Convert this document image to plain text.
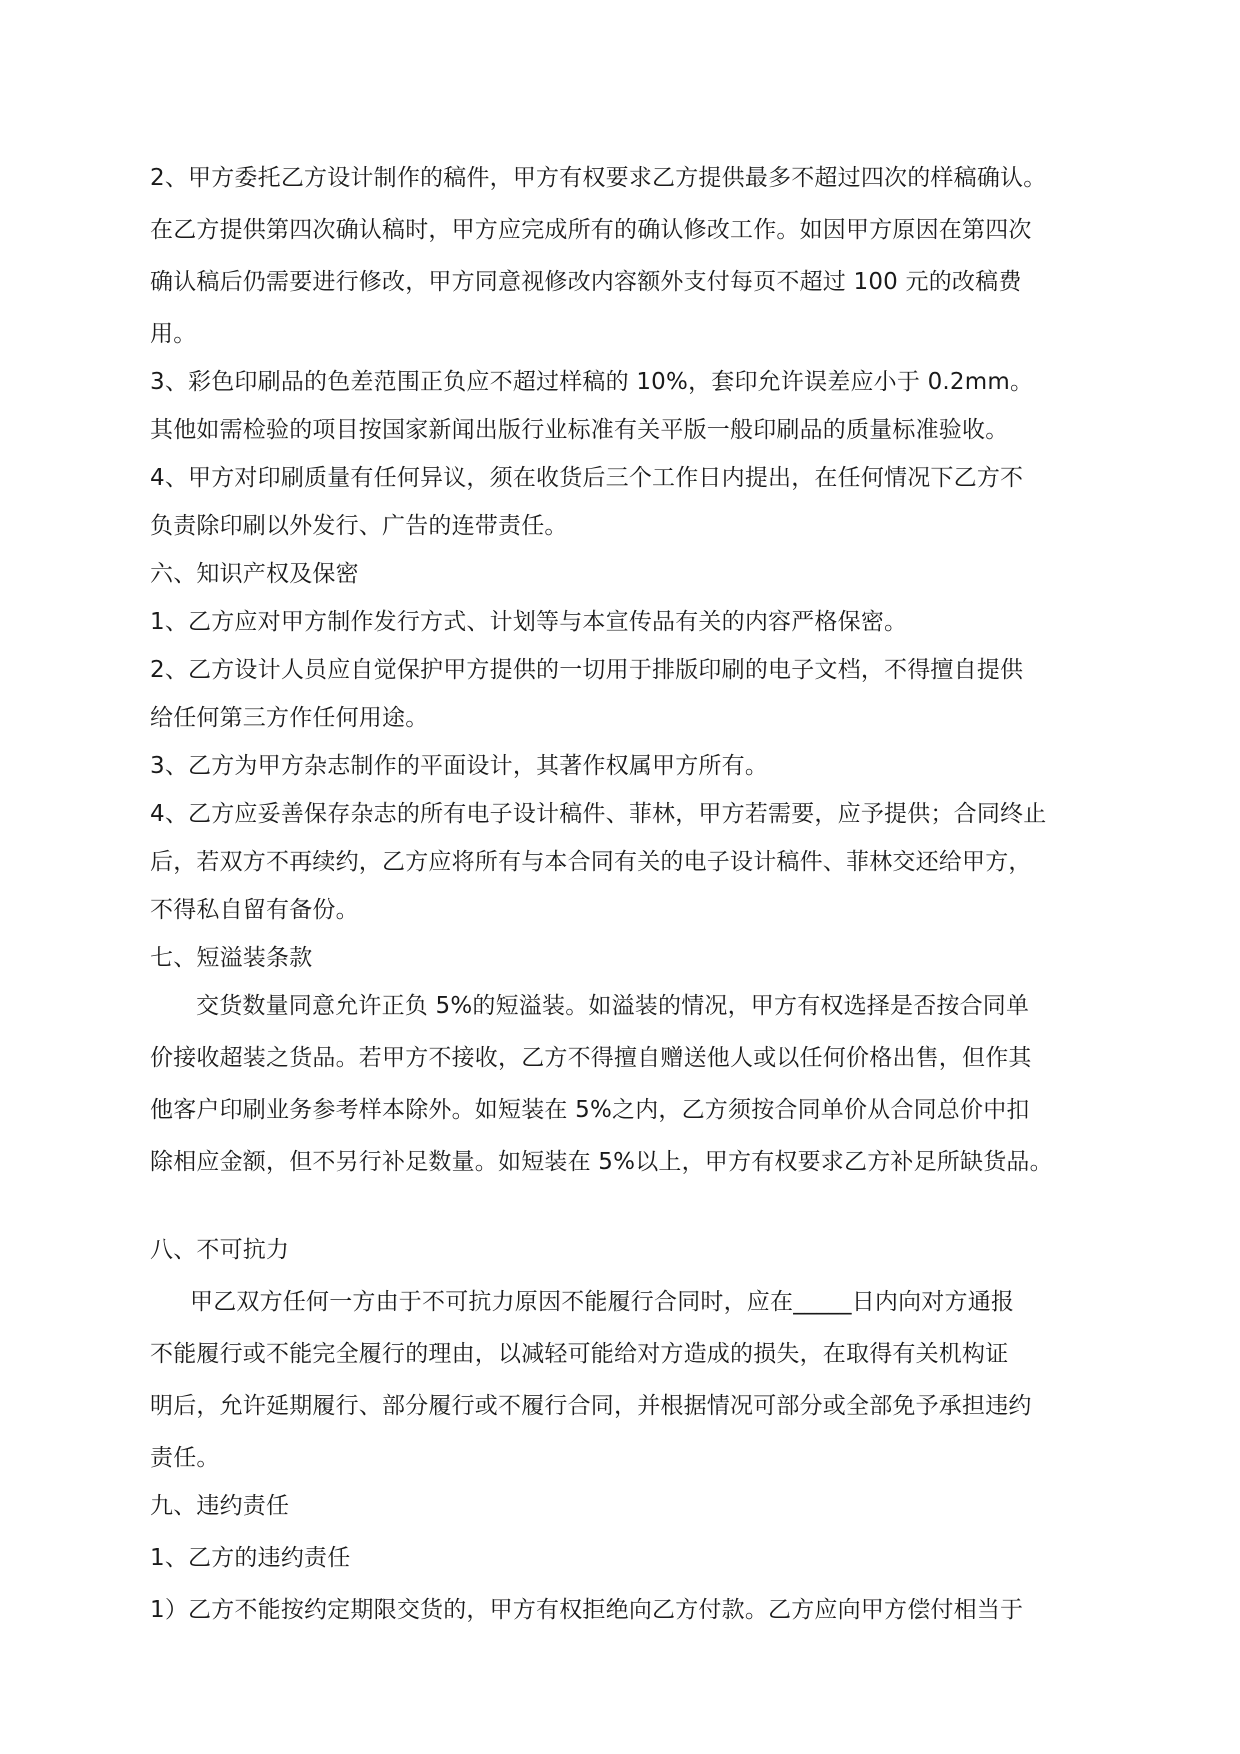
2、甲方委托乙方设计制作的稿件，甲方有权要求乙方提供最多不超过四次的样稿确认。
在乙方提供第四次确认稿时，甲方应完成所有的确认修改工作。如因甲方原因在第四次
确认稿后仍需要进行修改，甲方同意视修改内容额外支付每页不超过 100 元的改稿费
用。
3、彩色印刷品的色差范围正负应不超过样稿的 10%，套印允许误差应小于 0.2mm。
其他如需检验的项目按国家新闻出版行业标准有关平版一般印刷品的质量标准验收。
4、甲方对印刷质量有任何异议，须在收货后三个工作日内提出，在任何情况下乙方不
负责除印刷以外发行、广告的连带责任。
六、知识产权及保密
1、乙方应对甲方制作发行方式、计划等与本宣传品有关的内容严格保密。
2、乙方设计人员应自觉保护甲方提供的一切用于排版印刷的电子文档，不得擅自提供
给任何第三方作任何用途。
3、乙方为甲方杂志制作的平面设计，其著作权属甲方所有。
4、乙方应妥善保存杂志的所有电子设计稿件、菲林，甲方若需要，应予提供；合同终止
后，若双方不再续约，乙方应将所有与本合同有关的电子设计稿件、菲林交还给甲方，
不得私自留有备份。
七、短溢装条款
交货数量同意允许正负 5%的短溢装。如溢装的情况，甲方有权选择是否按合同单
价接收超装之货品。若甲方不接收，乙方不得擅自赠送他人或以任何价格出售，但作其
他客户印刷业务参考样本除外。如短装在 5%之内，乙方须按合同单价从合同总价中扣
除相应金额，但不另行补足数量。如短装在 5%以上，甲方有权要求乙方补足所缺货品。
八、不可抗力
甲乙双方任何一方由于不可抗力原因不能履行合同时，应在_____日内向对方通报
不能履行或不能完全履行的理由，以减轻可能给对方造成的损失，在取得有关机构证
明后，允许延期履行、部分履行或不履行合同，并根据情况可部分或全部免予承担违约
责任。
九、违约责任
1、乙方的违约责任
1）乙方不能按约定期限交货的，甲方有权拒绝向乙方付款。乙方应向甲方偿付相当于
